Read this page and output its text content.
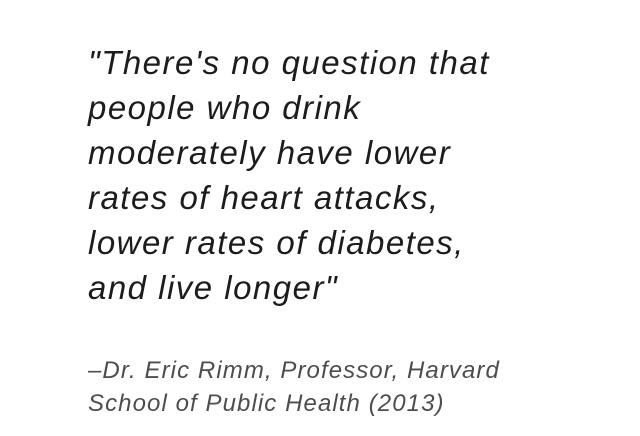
"There's no question that
people who drink
moderately have lower
rates of heart attacks,
lower rates of diabetes,
and live longer"
–Dr. Eric Rimm, Professor, Harvard
School of Public Health (2013)
